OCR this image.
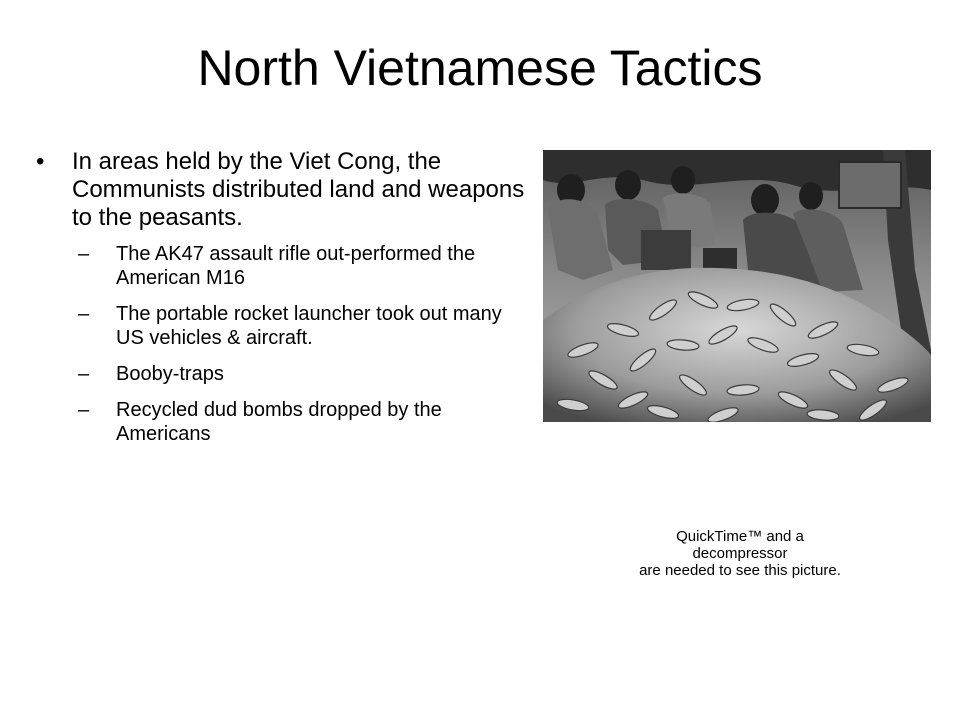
North Vietnamese Tactics
• In areas held by the Viet Cong, the Communists distributed land and weapons to the peasants.
– The AK47 assault rifle out-performed the American M16
– The portable rocket launcher took out many US vehicles & aircraft.
– Booby-traps
– Recycled dud bombs dropped by the Americans
QuickTime™ and a
decompressor
are needed to see this picture.
